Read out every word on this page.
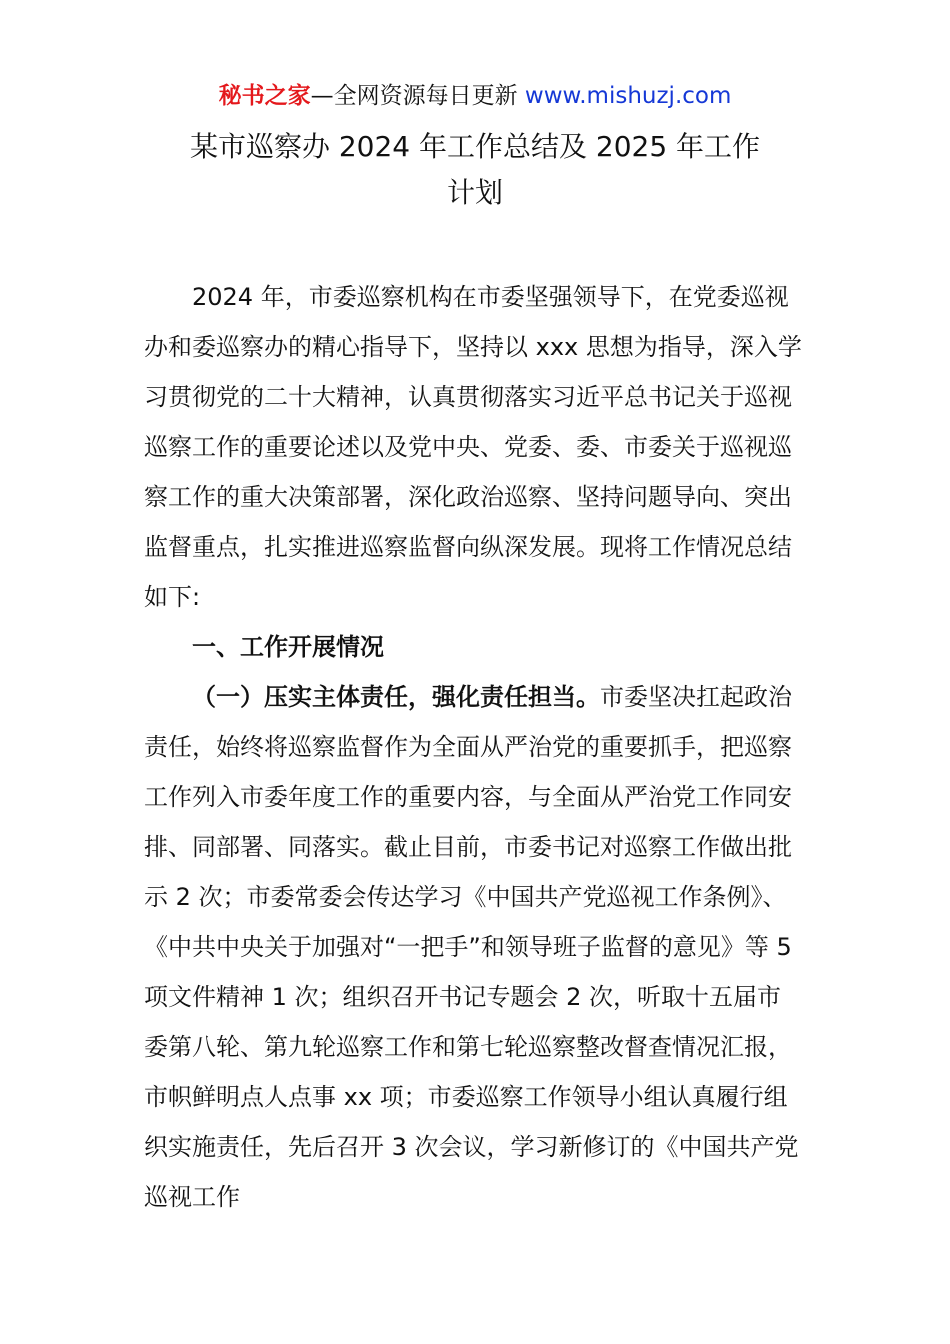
秘书之家—全网资源每日更新 www.mishuzj.com
某市巡察办 2024 年工作总结及 2025 年工作
计划

2024 年，市委巡察机构在市委坚强领导下，在党委巡视办和委巡察办的精心指导下，坚持以 xxx 思想为指导，深入学习贯彻党的二十大精神，认真贯彻落实习近平总书记关于巡视巡察工作的重要论述以及党中央、党委、委、市委关于巡视巡察工作的重大决策部署，深化政治巡察、坚持问题导向、突出监督重点，扎实推进巡察监督向纵深发展。现将工作情况总结如下:

一、工作开展情况

（一）压实主体责任，强化责任担当。市委坚决扛起政治责任，始终将巡察监督作为全面从严治党的重要抓手，把巡察工作列入市委年度工作的重要内容，与全面从严治党工作同安排、同部署、同落实。截止目前，市委书记对巡察工作做出批示 2 次；市委常委会传达学习《中国共产党巡视工作条例》、《中共中央关于加强对“一把手”和领导班子监督的意见》等 5 项文件精神 1 次；组织召开书记专题会 2 次，听取十五届市委第八轮、第九轮巡察工作和第七轮巡察整改督查情况汇报，市帜鲜明点人点事 xx 项；市委巡察工作领导小组认真履行组织实施责任，先后召开 3 次会议，学习新修订的《中国共产党巡视工作
